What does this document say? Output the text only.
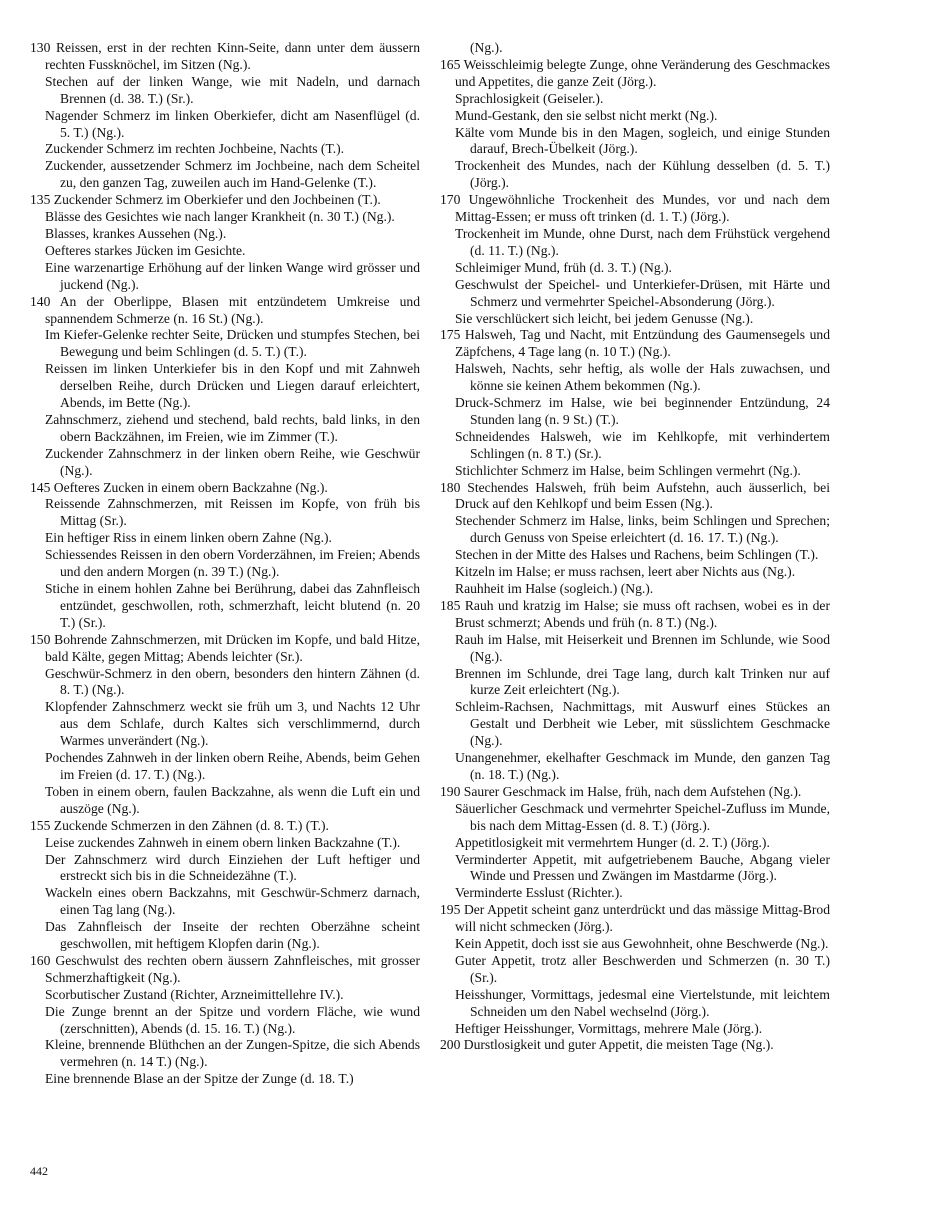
130 Reissen, erst in der rechten Kinn-Seite, dann unter dem äussern rechten Fussknöchel, im Sitzen (Ng.).
Stechen auf der linken Wange, wie mit Nadeln, und darnach Brennen (d. 38. T.) (Sr.).
Nagender Schmerz im linken Oberkiefer, dicht am Nasenflügel (d. 5. T.) (Ng.).
Zuckender Schmerz im rechten Jochbeine, Nachts (T.).
Zuckender, aussetzender Schmerz im Jochbeine, nach dem Scheitel zu, den ganzen Tag, zuweilen auch im Hand-Gelenke (T.).
135 Zuckender Schmerz im Oberkiefer und den Jochbeinen (T.).
Blässe des Gesichtes wie nach langer Krankheit (n. 30 T.) (Ng.).
Blasses, krankes Aussehen (Ng.).
Oefteres starkes Jücken im Gesichte.
Eine warzenartige Erhöhung auf der linken Wange wird grösser und juckend (Ng.).
140 An der Oberlippe, Blasen mit entzündetem Umkreise und spannendem Schmerze (n. 16 St.) (Ng.).
Im Kiefer-Gelenke rechter Seite, Drücken und stumpfes Stechen, bei Bewegung und beim Schlingen (d. 5. T.) (T.).
Reissen im linken Unterkiefer bis in den Kopf und mit Zahnweh derselben Reihe, durch Drücken und Liegen darauf erleichtert, Abends, im Bette (Ng.).
Zahnschmerz, ziehend und stechend, bald rechts, bald links, in den obern Backzähnen, im Freien, wie im Zimmer (T.).
Zuckender Zahnschmerz in der linken obern Reihe, wie Geschwür (Ng.).
145 Oefteres Zucken in einem obern Backzahne (Ng.).
Reissende Zahnschmerzen, mit Reissen im Kopfe, von früh bis Mittag (Sr.).
Ein heftiger Riss in einem linken obern Zahne (Ng.).
Schiessendes Reissen in den obern Vorderzähnen, im Freien; Abends und den andern Morgen (n. 39 T.) (Ng.).
Stiche in einem hohlen Zahne bei Berührung, dabei das Zahnfleisch entzündet, geschwollen, roth, schmerzhaft, leicht blutend (n. 20 T.) (Sr.).
150 Bohrende Zahnschmerzen, mit Drücken im Kopfe, und bald Hitze, bald Kälte, gegen Mittag; Abends leichter (Sr.).
Geschwür-Schmerz in den obern, besonders den hintern Zähnen (d. 8. T.) (Ng.).
Klopfender Zahnschmerz weckt sie früh um 3, und Nachts 12 Uhr aus dem Schlafe, durch Kaltes sich verschlimmernd, durch Warmes unverändert (Ng.).
Pochendes Zahnweh in der linken obern Reihe, Abends, beim Gehen im Freien (d. 17. T.) (Ng.).
Toben in einem obern, faulen Backzahne, als wenn die Luft ein und auszöge (Ng.).
155 Zuckende Schmerzen in den Zähnen (d. 8. T.) (T.).
Leise zuckendes Zahnweh in einem obern linken Backzahne (T.).
Der Zahnschmerz wird durch Einziehen der Luft heftiger und erstreckt sich bis in die Schneidezähne (T.).
Wackeln eines obern Backzahns, mit Geschwür-Schmerz darnach, einen Tag lang (Ng.).
Das Zahnfleisch der Inseite der rechten Oberzähne scheint geschwollen, mit heftigem Klopfen darin (Ng.).
160 Geschwulst des rechten obern äussern Zahnfleisches, mit grosser Schmerzhaftigkeit (Ng.).
Scorbutischer Zustand (Richter, Arzneimittellehre IV.).
Die Zunge brennt an der Spitze und vordern Fläche, wie wund (zerschnitten), Abends (d. 15. 16. T.) (Ng.).
Kleine, brennende Blüthchen an der Zungen-Spitze, die sich Abends vermehren (n. 14 T.) (Ng.).
Eine brennende Blase an der Spitze der Zunge (d. 18. T.)
(Ng.).
165 Weisschleimig belegte Zunge, ohne Veränderung des Geschmackes und Appetites, die ganze Zeit (Jörg.).
Sprachlosigkeit (Geiseler.).
Mund-Gestank, den sie selbst nicht merkt (Ng.).
Kälte vom Munde bis in den Magen, sogleich, und einige Stunden darauf, Brech-Übelkeit (Jörg.).
Trockenheit des Mundes, nach der Kühlung desselben (d. 5. T.) (Jörg.).
170 Ungewöhnliche Trockenheit des Mundes, vor und nach dem Mittag-Essen; er muss oft trinken (d. 1. T.) (Jörg.).
Trockenheit im Munde, ohne Durst, nach dem Frühstück vergehend (d. 11. T.) (Ng.).
Schleimiger Mund, früh (d. 3. T.) (Ng.).
Geschwulst der Speichel- und Unterkiefer-Drüsen, mit Härte und Schmerz und vermehrter Speichel-Absonderung (Jörg.).
Sie verschlückert sich leicht, bei jedem Genusse (Ng.).
175 Halsweh, Tag und Nacht, mit Entzündung des Gaumensegels und Zäpfchens, 4 Tage lang (n. 10 T.) (Ng.).
Halsweh, Nachts, sehr heftig, als wolle der Hals zuwachsen, und könne sie keinen Athem bekommen (Ng.).
Druck-Schmerz im Halse, wie bei beginnender Entzündung, 24 Stunden lang (n. 9 St.) (T.).
Schneidendes Halsweh, wie im Kehlkopfe, mit verhindertem Schlingen (n. 8 T.) (Sr.).
Stichlichter Schmerz im Halse, beim Schlingen vermehrt (Ng.).
180 Stechendes Halsweh, früh beim Aufstehn, auch äusserlich, bei Druck auf den Kehlkopf und beim Essen (Ng.).
Stechender Schmerz im Halse, links, beim Schlingen und Sprechen; durch Genuss von Speise erleichtert (d. 16. 17. T.) (Ng.).
Stechen in der Mitte des Halses und Rachens, beim Schlingen (T.).
Kitzeln im Halse; er muss rachsen, leert aber Nichts aus (Ng.).
Rauhheit im Halse (sogleich.) (Ng.).
185 Rauh und kratzig im Halse; sie muss oft rachsen, wobei es in der Brust schmerzt; Abends und früh (n. 8 T.) (Ng.).
Rauh im Halse, mit Heiserkeit und Brennen im Schlunde, wie Sood (Ng.).
Brennen im Schlunde, drei Tage lang, durch kalt Trinken nur auf kurze Zeit erleichtert (Ng.).
Schleim-Rachsen, Nachmittags, mit Auswurf eines Stückes an Gestalt und Derbheit wie Leber, mit süsslichtem Geschmacke (Ng.).
Unangenehmer, ekelhafter Geschmack im Munde, den ganzen Tag (n. 18. T.) (Ng.).
190 Saurer Geschmack im Halse, früh, nach dem Aufstehen (Ng.).
Säuerlicher Geschmack und vermehrter Speichel-Zufluss im Munde, bis nach dem Mittag-Essen (d. 8. T.) (Jörg.).
Appetitlosigkeit mit vermehrtem Hunger (d. 2. T.) (Jörg.).
Verminderter Appetit, mit aufgetriebenem Bauche, Abgang vieler Winde und Pressen und Zwängen im Mastdarme (Jörg.).
Verminderte Esslust (Richter.).
195 Der Appetit scheint ganz unterdrückt und das mässige Mittag-Brod will nicht schmecken (Jörg.).
Kein Appetit, doch isst sie aus Gewohnheit, ohne Beschwerde (Ng.).
Guter Appetit, trotz aller Beschwerden und Schmerzen (n. 30 T.) (Sr.).
Heisshunger, Vormittags, jedesmal eine Viertelstunde, mit leichtem Schneiden um den Nabel wechselnd (Jörg.).
Heftiger Heisshunger, Vormittags, mehrere Male (Jörg.).
200 Durstlosigkeit und guter Appetit, die meisten Tage (Ng.).
442
